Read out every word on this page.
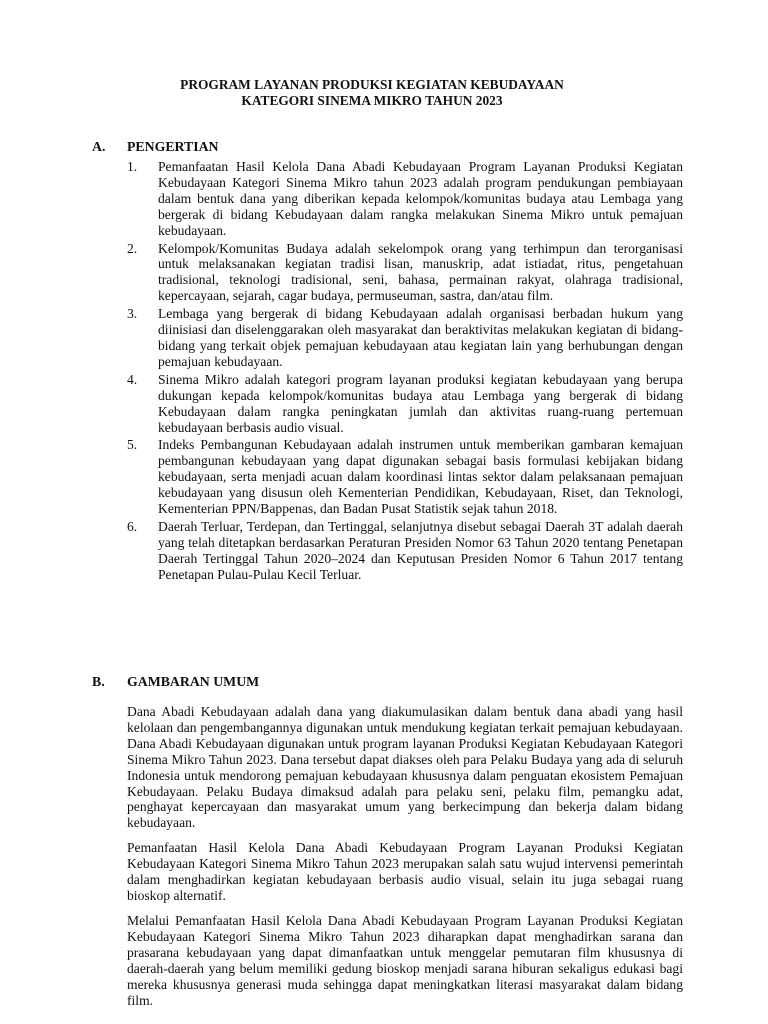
PROGRAM LAYANAN PRODUKSI KEGIATAN KEBUDAYAAN
KATEGORI SINEMA MIKRO TAHUN 2023
A. PENGERTIAN
1. Pemanfaatan Hasil Kelola Dana Abadi Kebudayaan Program Layanan Produksi Kegiatan Kebudayaan Kategori Sinema Mikro tahun 2023 adalah program pendukungan pembiayaan dalam bentuk dana yang diberikan kepada kelompok/komunitas budaya atau Lembaga yang bergerak di bidang Kebudayaan dalam rangka melakukan Sinema Mikro untuk pemajuan kebudayaan.
2. Kelompok/Komunitas Budaya adalah sekelompok orang yang terhimpun dan terorganisasi untuk melaksanakan kegiatan tradisi lisan, manuskrip, adat istiadat, ritus, pengetahuan tradisional, teknologi tradisional, seni, bahasa, permainan rakyat, olahraga tradisional, kepercayaan, sejarah, cagar budaya, permuseuman, sastra, dan/atau film.
3. Lembaga yang bergerak di bidang Kebudayaan adalah organisasi berbadan hukum yang diinisiasi dan diselenggarakan oleh masyarakat dan beraktivitas melakukan kegiatan di bidang-bidang yang terkait objek pemajuan kebudayaan atau kegiatan lain yang berhubungan dengan pemajuan kebudayaan.
4. Sinema Mikro adalah kategori program layanan produksi kegiatan kebudayaan yang berupa dukungan kepada kelompok/komunitas budaya atau Lembaga yang bergerak di bidang Kebudayaan dalam rangka peningkatan jumlah dan aktivitas ruang-ruang pertemuan kebudayaan berbasis audio visual.
5. Indeks Pembangunan Kebudayaan adalah instrumen untuk memberikan gambaran kemajuan pembangunan kebudayaan yang dapat digunakan sebagai basis formulasi kebijakan bidang kebudayaan, serta menjadi acuan dalam koordinasi lintas sektor dalam pelaksanaan pemajuan kebudayaan yang disusun oleh Kementerian Pendidikan, Kebudayaan, Riset, dan Teknologi, Kementerian PPN/Bappenas, dan Badan Pusat Statistik sejak tahun 2018.
6. Daerah Terluar, Terdepan, dan Tertinggal, selanjutnya disebut sebagai Daerah 3T adalah daerah yang telah ditetapkan berdasarkan Peraturan Presiden Nomor 63 Tahun 2020 tentang Penetapan Daerah Tertinggal Tahun 2020–2024 dan Keputusan Presiden Nomor 6 Tahun 2017 tentang Penetapan Pulau-Pulau Kecil Terluar.
B. GAMBARAN UMUM

Dana Abadi Kebudayaan adalah dana yang diakumulasikan dalam bentuk dana abadi yang hasil kelolaan dan pengembangannya digunakan untuk mendukung kegiatan terkait pemajuan kebudayaan. Dana Abadi Kebudayaan digunakan untuk program layanan Produksi Kegiatan Kebudayaan Kategori Sinema Mikro Tahun 2023. Dana tersebut dapat diakses oleh para Pelaku Budaya yang ada di seluruh Indonesia untuk mendorong pemajuan kebudayaan khususnya dalam penguatan ekosistem Pemajuan Kebudayaan. Pelaku Budaya dimaksud adalah para pelaku seni, pelaku film, pemangku adat, penghayat kepercayaan dan masyarakat umum yang berkecimpung dan bekerja dalam bidang kebudayaan.

Pemanfaatan Hasil Kelola Dana Abadi Kebudayaan Program Layanan Produksi Kegiatan Kebudayaan Kategori Sinema Mikro Tahun 2023 merupakan salah satu wujud intervensi pemerintah dalam menghadirkan kegiatan kebudayaan berbasis audio visual, selain itu juga sebagai ruang bioskop alternatif.

Melalui Pemanfaatan Hasil Kelola Dana Abadi Kebudayaan Program Layanan Produksi Kegiatan Kebudayaan Kategori Sinema Mikro Tahun 2023 diharapkan dapat menghadirkan sarana dan prasarana kebudayaan yang dapat dimanfaatkan untuk menggelar pemutaran film khususnya di daerah-daerah yang belum memiliki gedung bioskop menjadi sarana hiburan sekaligus edukasi bagi mereka khususnya generasi muda sehingga dapat meningkatkan literasi masyarakat dalam bidang film.
